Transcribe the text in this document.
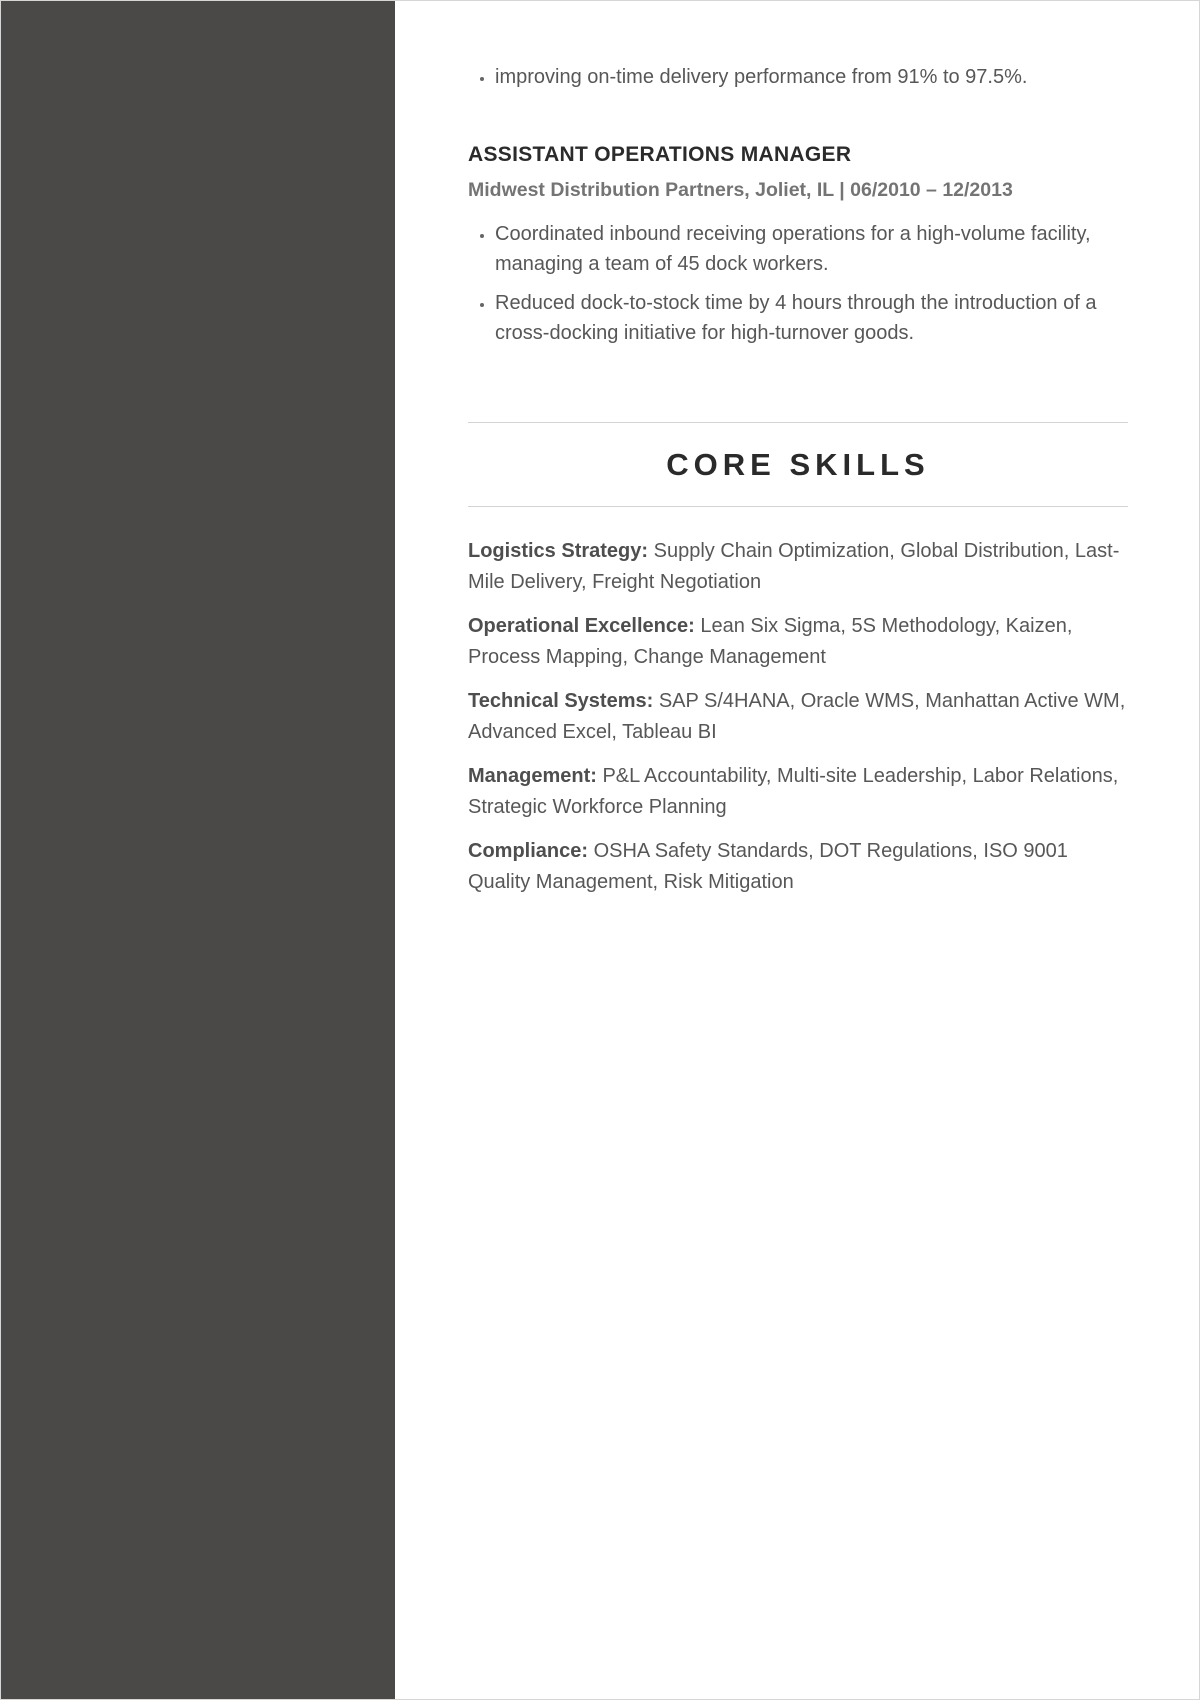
• improving on-time delivery performance from 91% to 97.5%.
ASSISTANT OPERATIONS MANAGER
Midwest Distribution Partners, Joliet, IL | 06/2010 – 12/2013
• Coordinated inbound receiving operations for a high-volume facility, managing a team of 45 dock workers.
• Reduced dock-to-stock time by 4 hours through the introduction of a cross-docking initiative for high-turnover goods.
CORE SKILLS

Logistics Strategy: Supply Chain Optimization, Global Distribution, Last-Mile Delivery, Freight Negotiation

Operational Excellence: Lean Six Sigma, 5S Methodology, Kaizen, Process Mapping, Change Management

Technical Systems: SAP S/4HANA, Oracle WMS, Manhattan Active WM, Advanced Excel, Tableau BI

Management: P&L Accountability, Multi-site Leadership, Labor Relations, Strategic Workforce Planning

Compliance: OSHA Safety Standards, DOT Regulations, ISO 9001 Quality Management, Risk Mitigation
